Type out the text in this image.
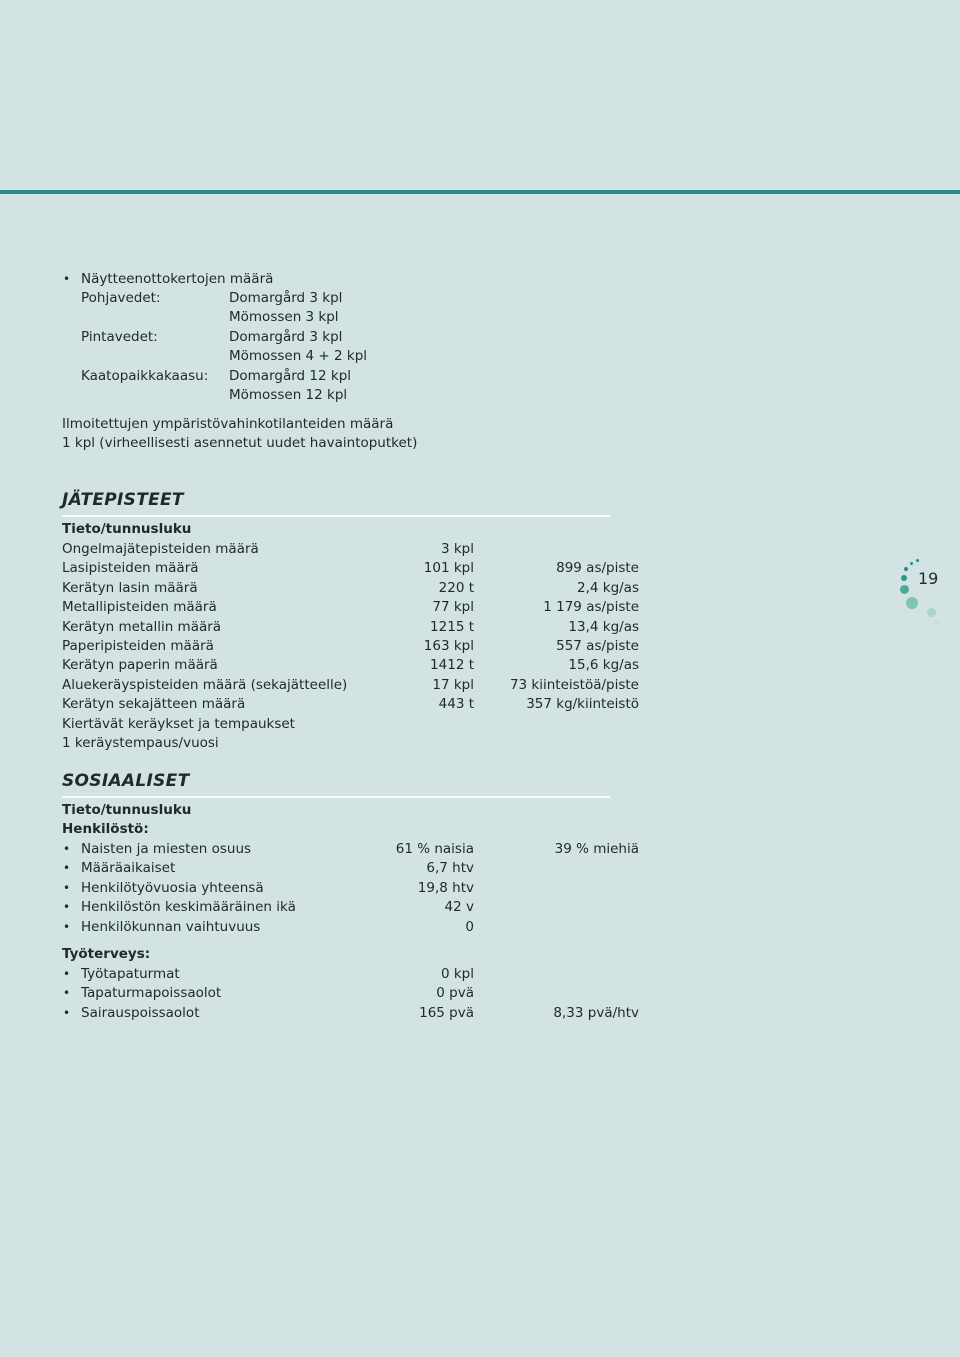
• Näytteenottokertojen määrä
Pohjavedet:	Domargård 3 kpl
Mömossen 3 kpl
Pintavedet:	Domargård 3 kpl
Mömossen 4 + 2 kpl
Kaatopaikkakaasu: Domargård 12 kpl
Mömossen 12 kpl
Ilmoitettujen ympäristövahinkotilanteiden määrä
1 kpl (virheellisesti asennetut uudet havaintoputket)
JÄTEPISTEET
Tieto/tunnusluku
Ongelmajätepisteiden määrä	3 kpl
Lasipisteiden määrä	101 kpl	899 as/piste
Kerätyn lasin määrä	220 t	2,4 kg/as
Metallipisteiden määrä	77 kpl	1 179 as/piste
Kerätyn metallin määrä	1215 t	13,4 kg/as
Paperipisteiden määrä	163 kpl	557 as/piste
Kerätyn paperin määrä	1412 t	15,6 kg/as
Aluekeräyspisteiden määrä (sekajätteelle)	17 kpl	73 kiinteistöä/piste
Kerätyn sekajätteen määrä	443 t	357 kg/kiinteistö
Kiertävät keräykset ja tempaukset
1 keräystempaus/vuosi
SOSIAALISET
Tieto/tunnusluku
Henkilöstö:
• Naisten ja miesten osuus	61 % naisia	39 % miehiä
• Määräaikaiset	6,7 htv
• Henkilötyövuosia yhteensä	19,8 htv
• Henkilöstön keskimääräinen ikä	42 v
• Henkilökunnan vaihtuvuus	0
Työterveys:
• Työtapaturmat	0 kpl
• Tapaturmapoissaolot	0 pvä
• Sairauspoissaolot	165 pvä	8,33 pvä/htv
19
